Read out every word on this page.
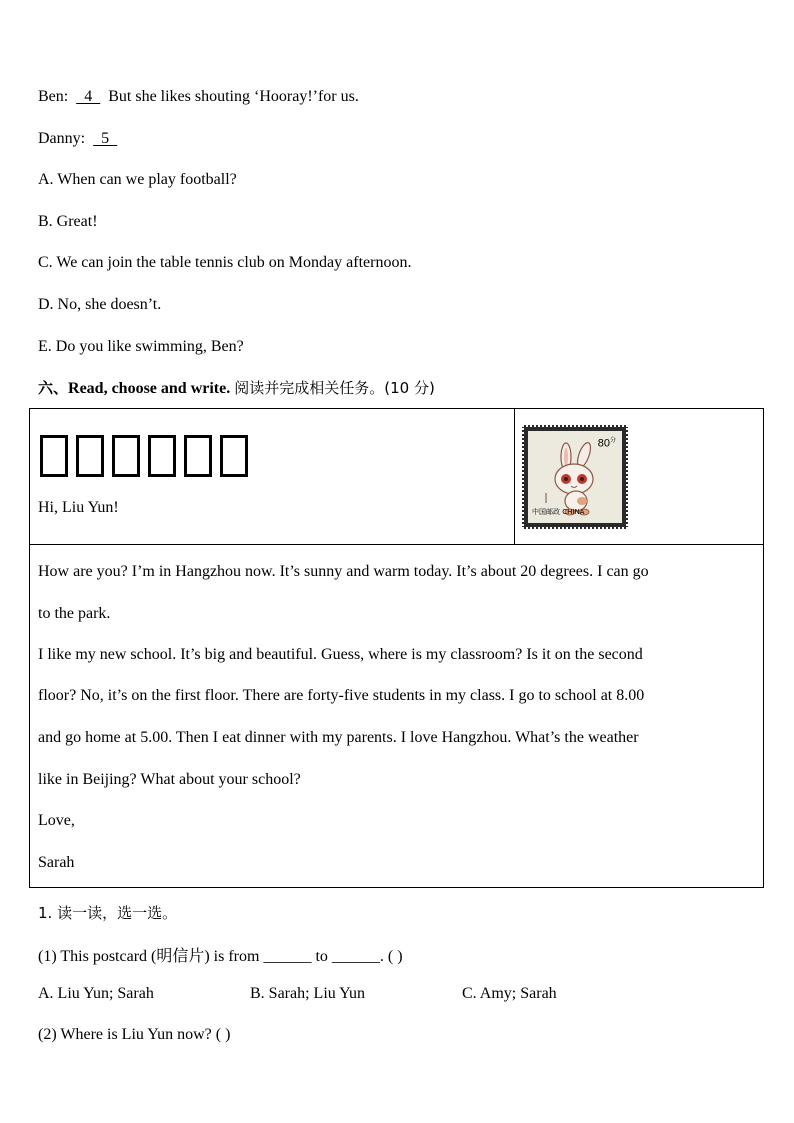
Ben:   4   But she likes shouting ‘Hooray!’for us.
Danny:   5
A. When can we play football?
B. Great!
C. We can join the table tennis club on Monday afternoon.
D. No, she doesn’t.
E. Do you like swimming, Ben?
六、Read, choose and write. 阅读并完成相关任务。(10 分)
Hi, Liu Yun!
$80^分$
中国邮政 CHINA
How are you? I’m in Hangzhou now. It’s sunny and warm today. It’s about 20 degrees. I can go
to the park.
I like my new school. It’s big and beautiful. Guess, where is my classroom? Is it on the second
floor? No, it’s on the first floor. There are forty-five students in my class. I go to school at 8.00
and go home at 5.00. Then I eat dinner with my parents. I love Hangzhou. What’s the weather
like in Beijing? What about your school?
Love,
Sarah
1. 读一读，选一选。
(1) This postcard (明信片) is from ______ to ______. ( )
A. Liu Yun; Sarah	B. Sarah; Liu Yun	C. Amy; Sarah
(2) Where is Liu Yun now? ( )
